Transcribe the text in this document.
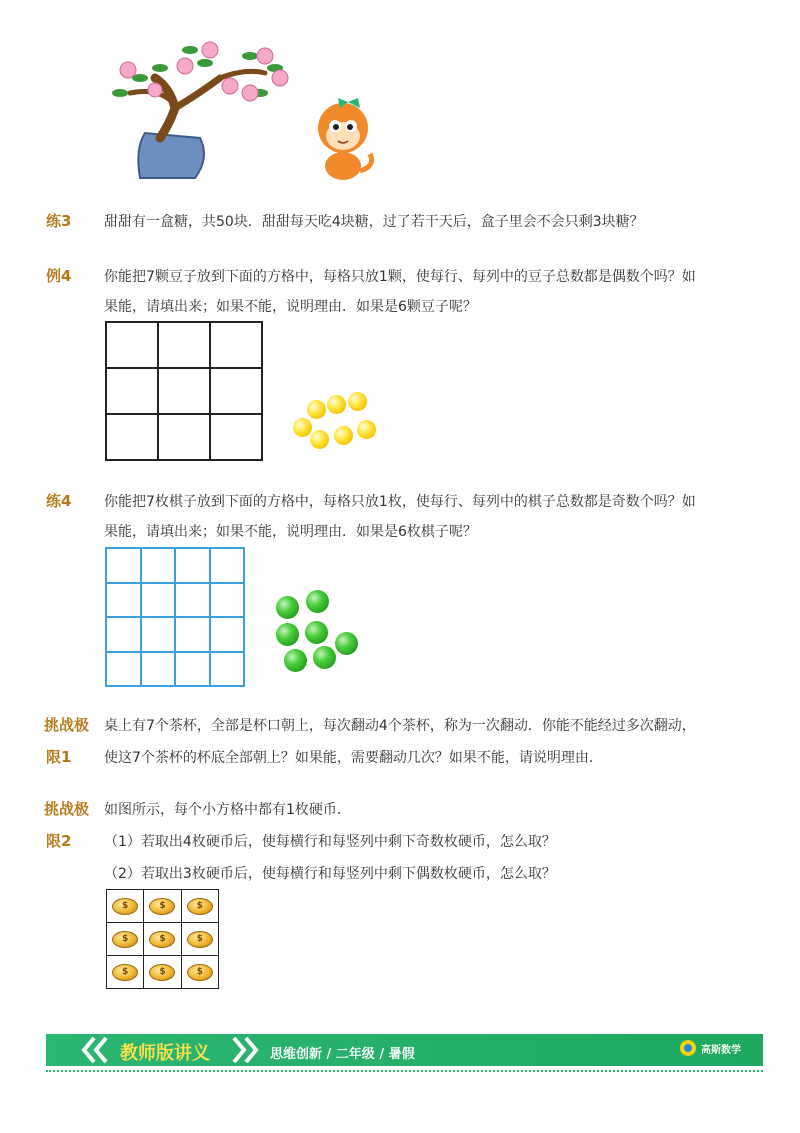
练3 甜甜有一盒糖，共50块．甜甜每天吃4块糖，过了若干天后，盒子里会不会只剩3块糖？
例4 你能把7颗豆子放到下面的方格中，每格只放1颗，使每行、每列中的豆子总数都是偶数个吗？如
果能，请填出来；如果不能，说明理由．如果是6颗豆子呢？
练4 你能把7枚棋子放到下面的方格中，每格只放1枚，使每行、每列中的棋子总数都是奇数个吗？如
果能，请填出来；如果不能，说明理由．如果是6枚棋子呢？
挑战极
限1
桌上有7个茶杯，全部是杯口朝上，每次翻动4个茶杯，称为一次翻动．你能不能经过多次翻动，
使这7个茶杯的杯底全部朝上？如果能，需要翻动几次？如果不能，请说明理由．
挑战极
限2
如图所示，每个小方格中都有1枚硬币．
（1）若取出4枚硬币后，使每横行和每竖列中剩下奇数枚硬币，怎么取？
（2）若取出3枚硬币后，使每横行和每竖列中剩下偶数枚硬币，怎么取？
$	$	$
$	$	$
$	$	$
教师版讲义	思维创新 / 二年级 / 暑假	高斯数学
